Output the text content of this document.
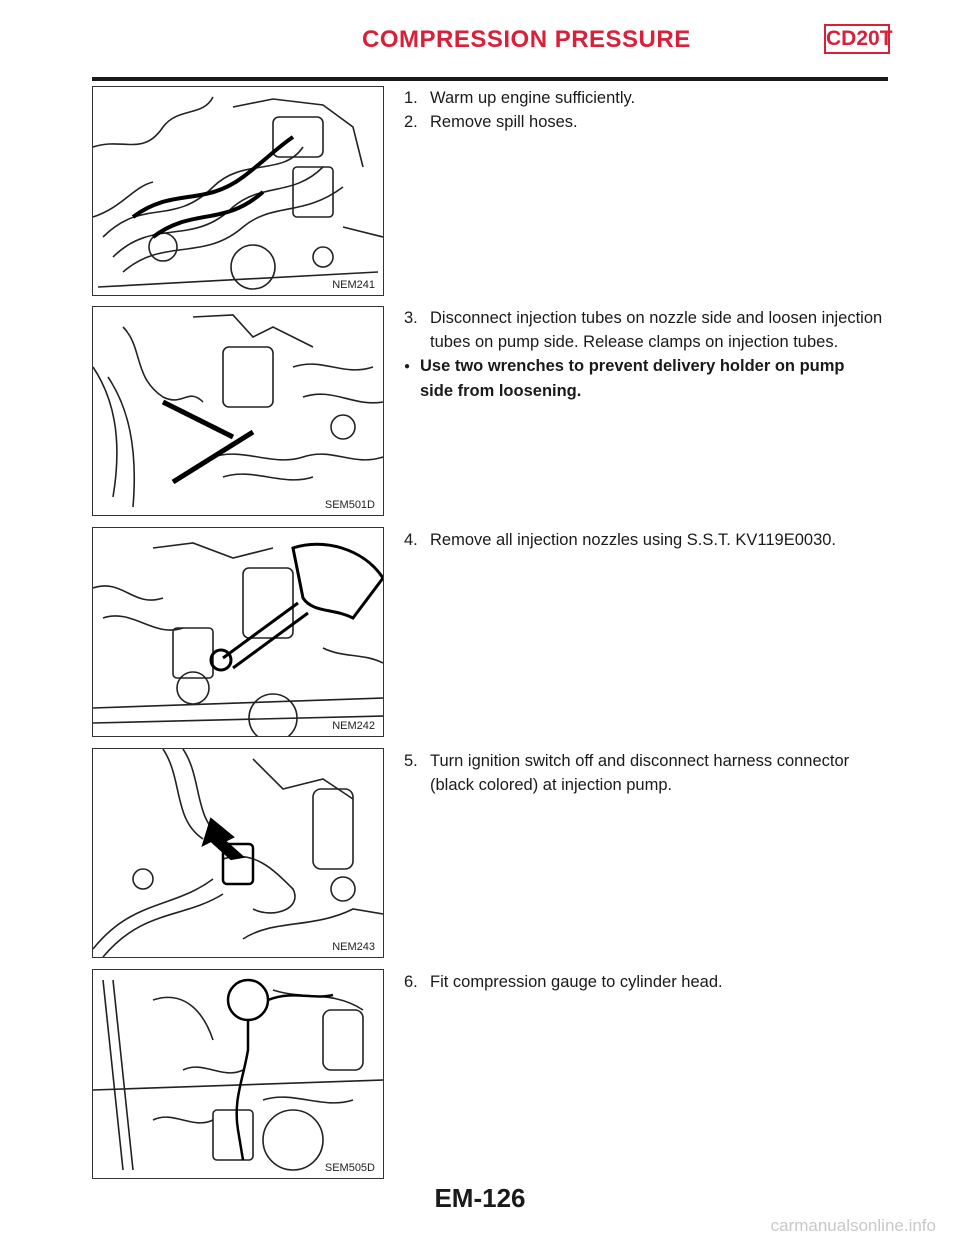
COMPRESSION PRESSURE	CD20T
NEM241
SEM501D
NEM242
NEM243
SEM505D
1. Warm up engine sufficiently.
2. Remove spill hoses.
3. Disconnect injection tubes on nozzle side and loosen injection
tubes on pump side. Release clamps on injection tubes.
● Use two wrenches to prevent delivery holder on pump
side from loosening.
4. Remove all injection nozzles using S.S.T. KV119E0030.
5. Turn ignition switch off and disconnect harness connector
(black colored) at injection pump.
6. Fit compression gauge to cylinder head.
EM-126
carmanualsonline.info
